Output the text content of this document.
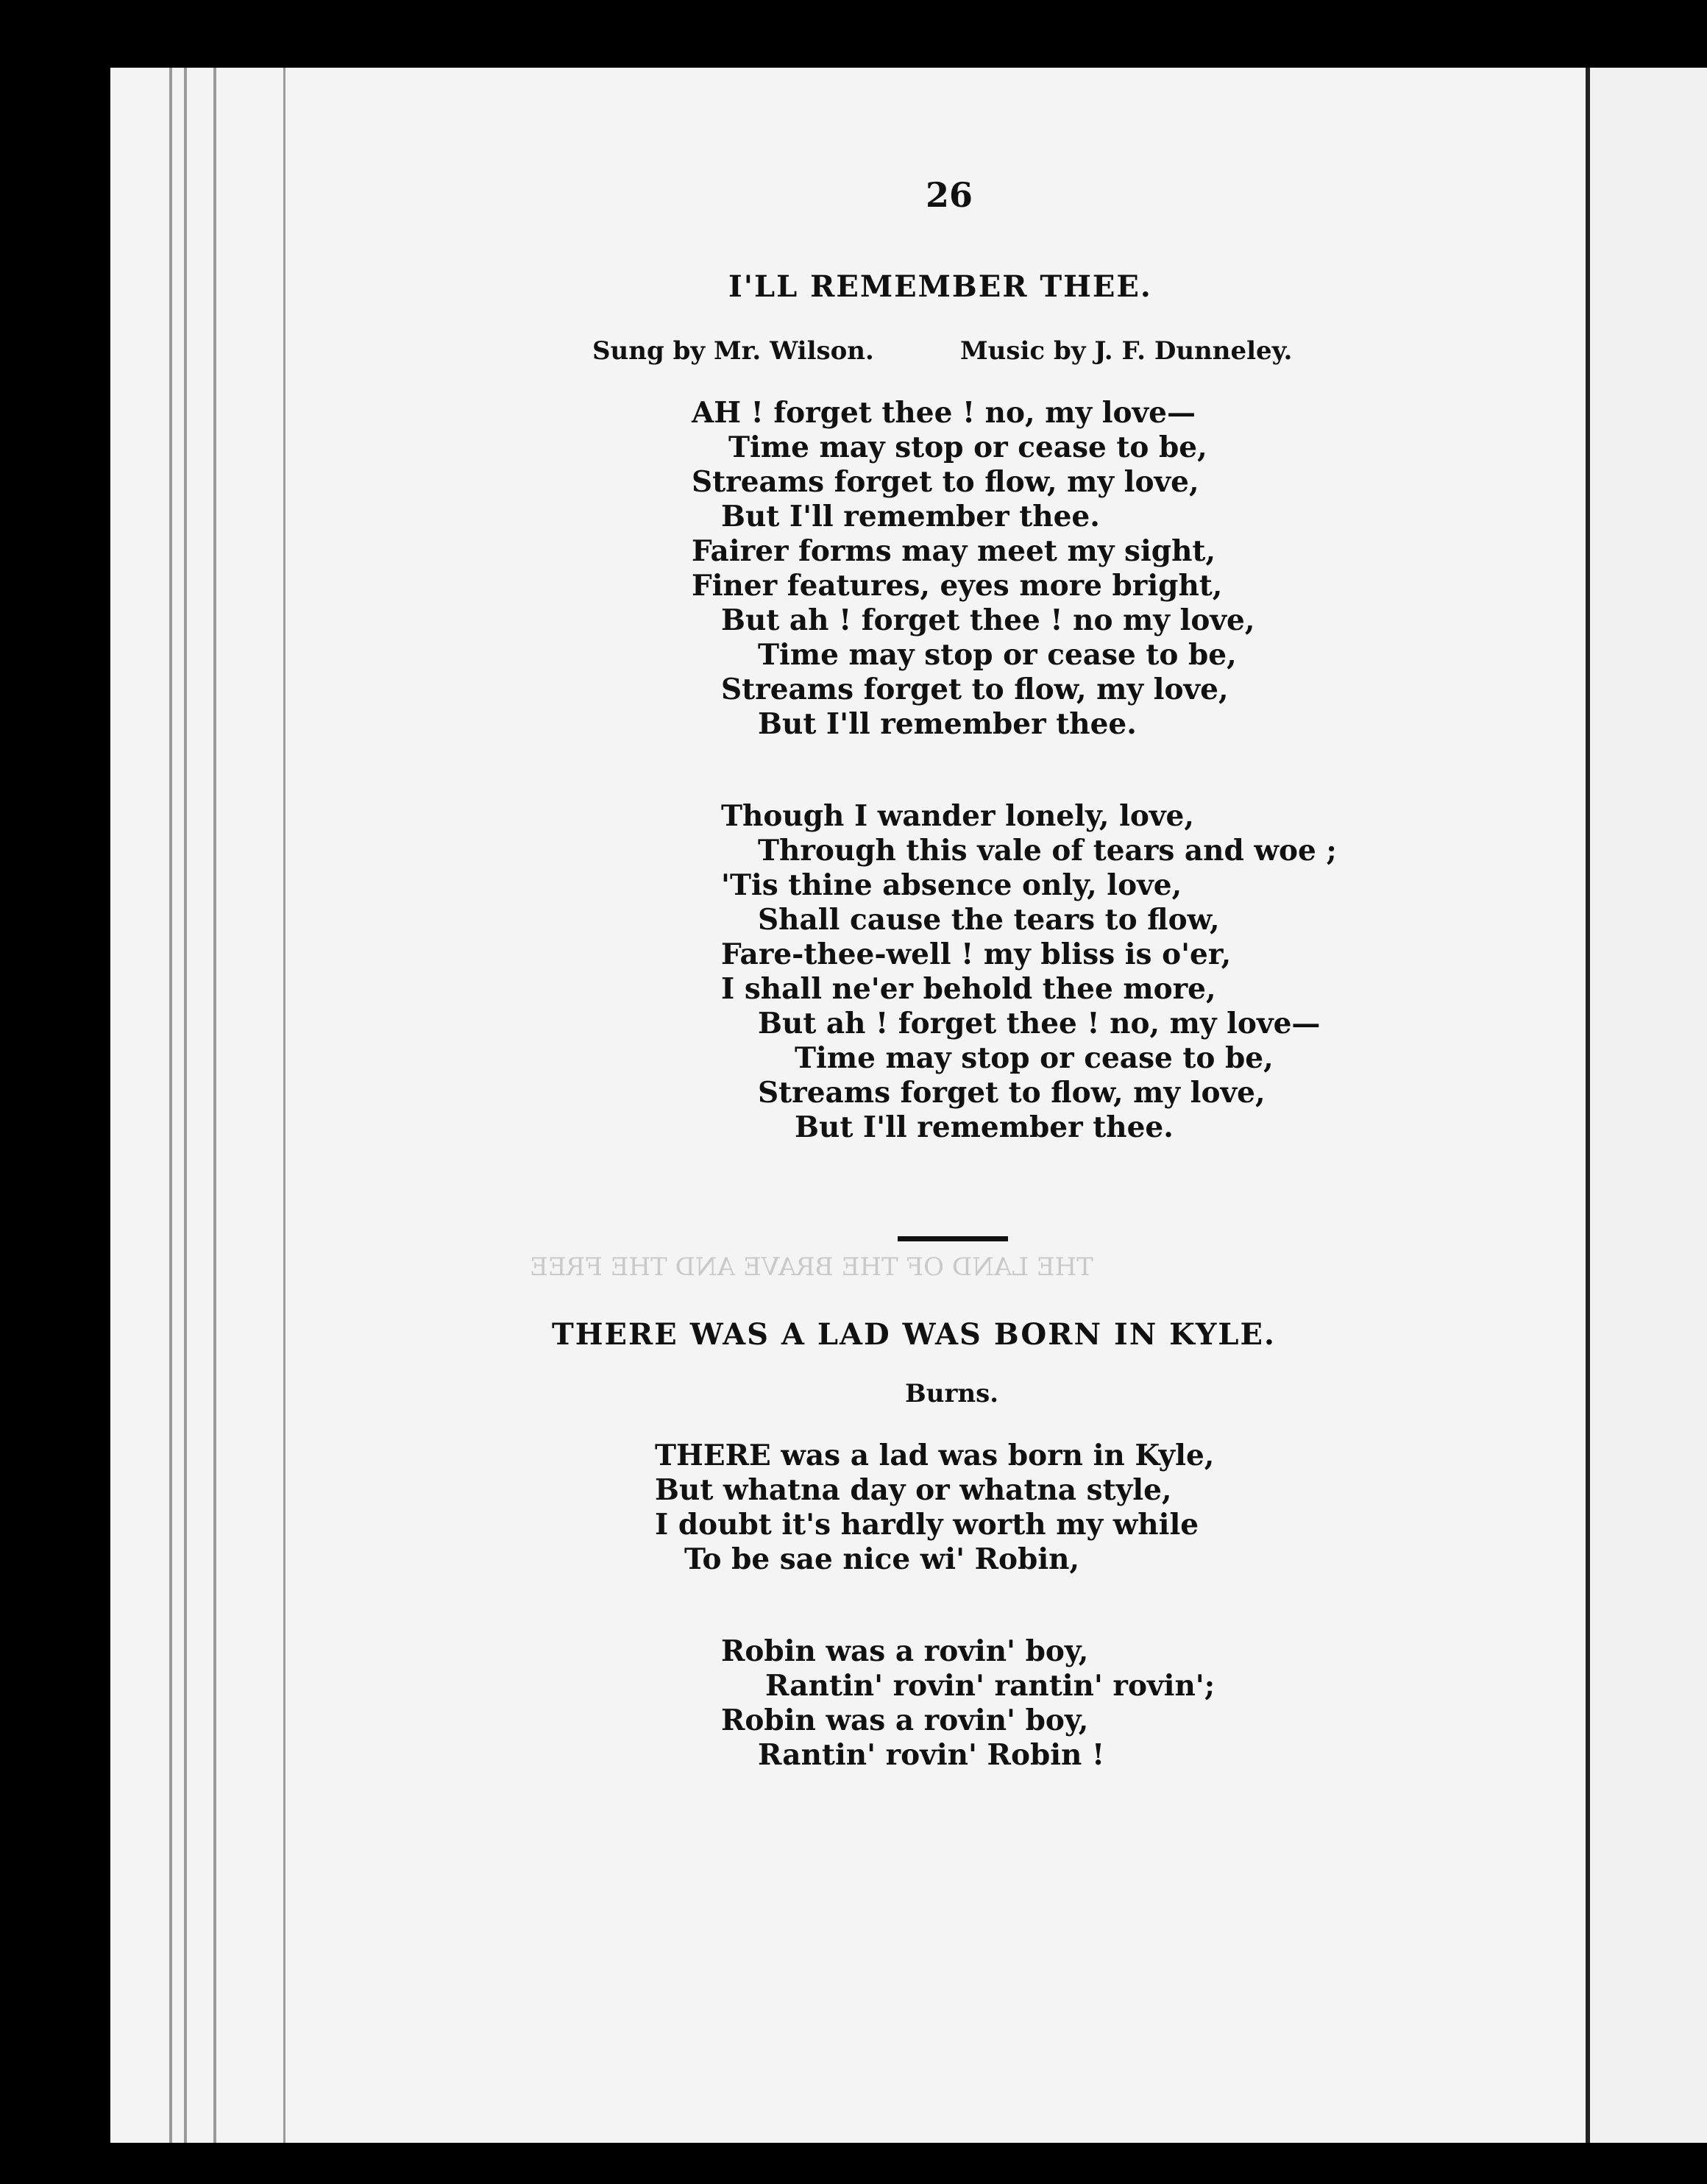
THE LAND OF THE BRAVE AND THE FREE
26
I'LL REMEMBER THEE.
Sung by Mr. Wilson.	Music by J. F. Dunneley.
AH ! forget thee ! no, my love—
Time may stop or cease to be,
Streams forget to flow, my love,
But I'll remember thee.
Fairer forms may meet my sight,
Finer features, eyes more bright,
But ah ! forget thee ! no my love,
Time may stop or cease to be,
Streams forget to flow, my love,
But I'll remember thee.
Though I wander lonely, love,
Through this vale of tears and woe ;
'Tis thine absence only, love,
Shall cause the tears to flow,
Fare-thee-well ! my bliss is o'er,
I shall ne'er behold thee more,
But ah ! forget thee ! no, my love—
Time may stop or cease to be,
Streams forget to flow, my love,
But I'll remember thee.
THERE WAS A LAD WAS BORN IN KYLE.
Burns.
THERE was a lad was born in Kyle,
But whatna day or whatna style,
I doubt it's hardly worth my while
To be sae nice wi' Robin,
Robin was a rovin' boy,
Rantin' rovin' rantin' rovin';
Robin was a rovin' boy,
Rantin' rovin' Robin !
